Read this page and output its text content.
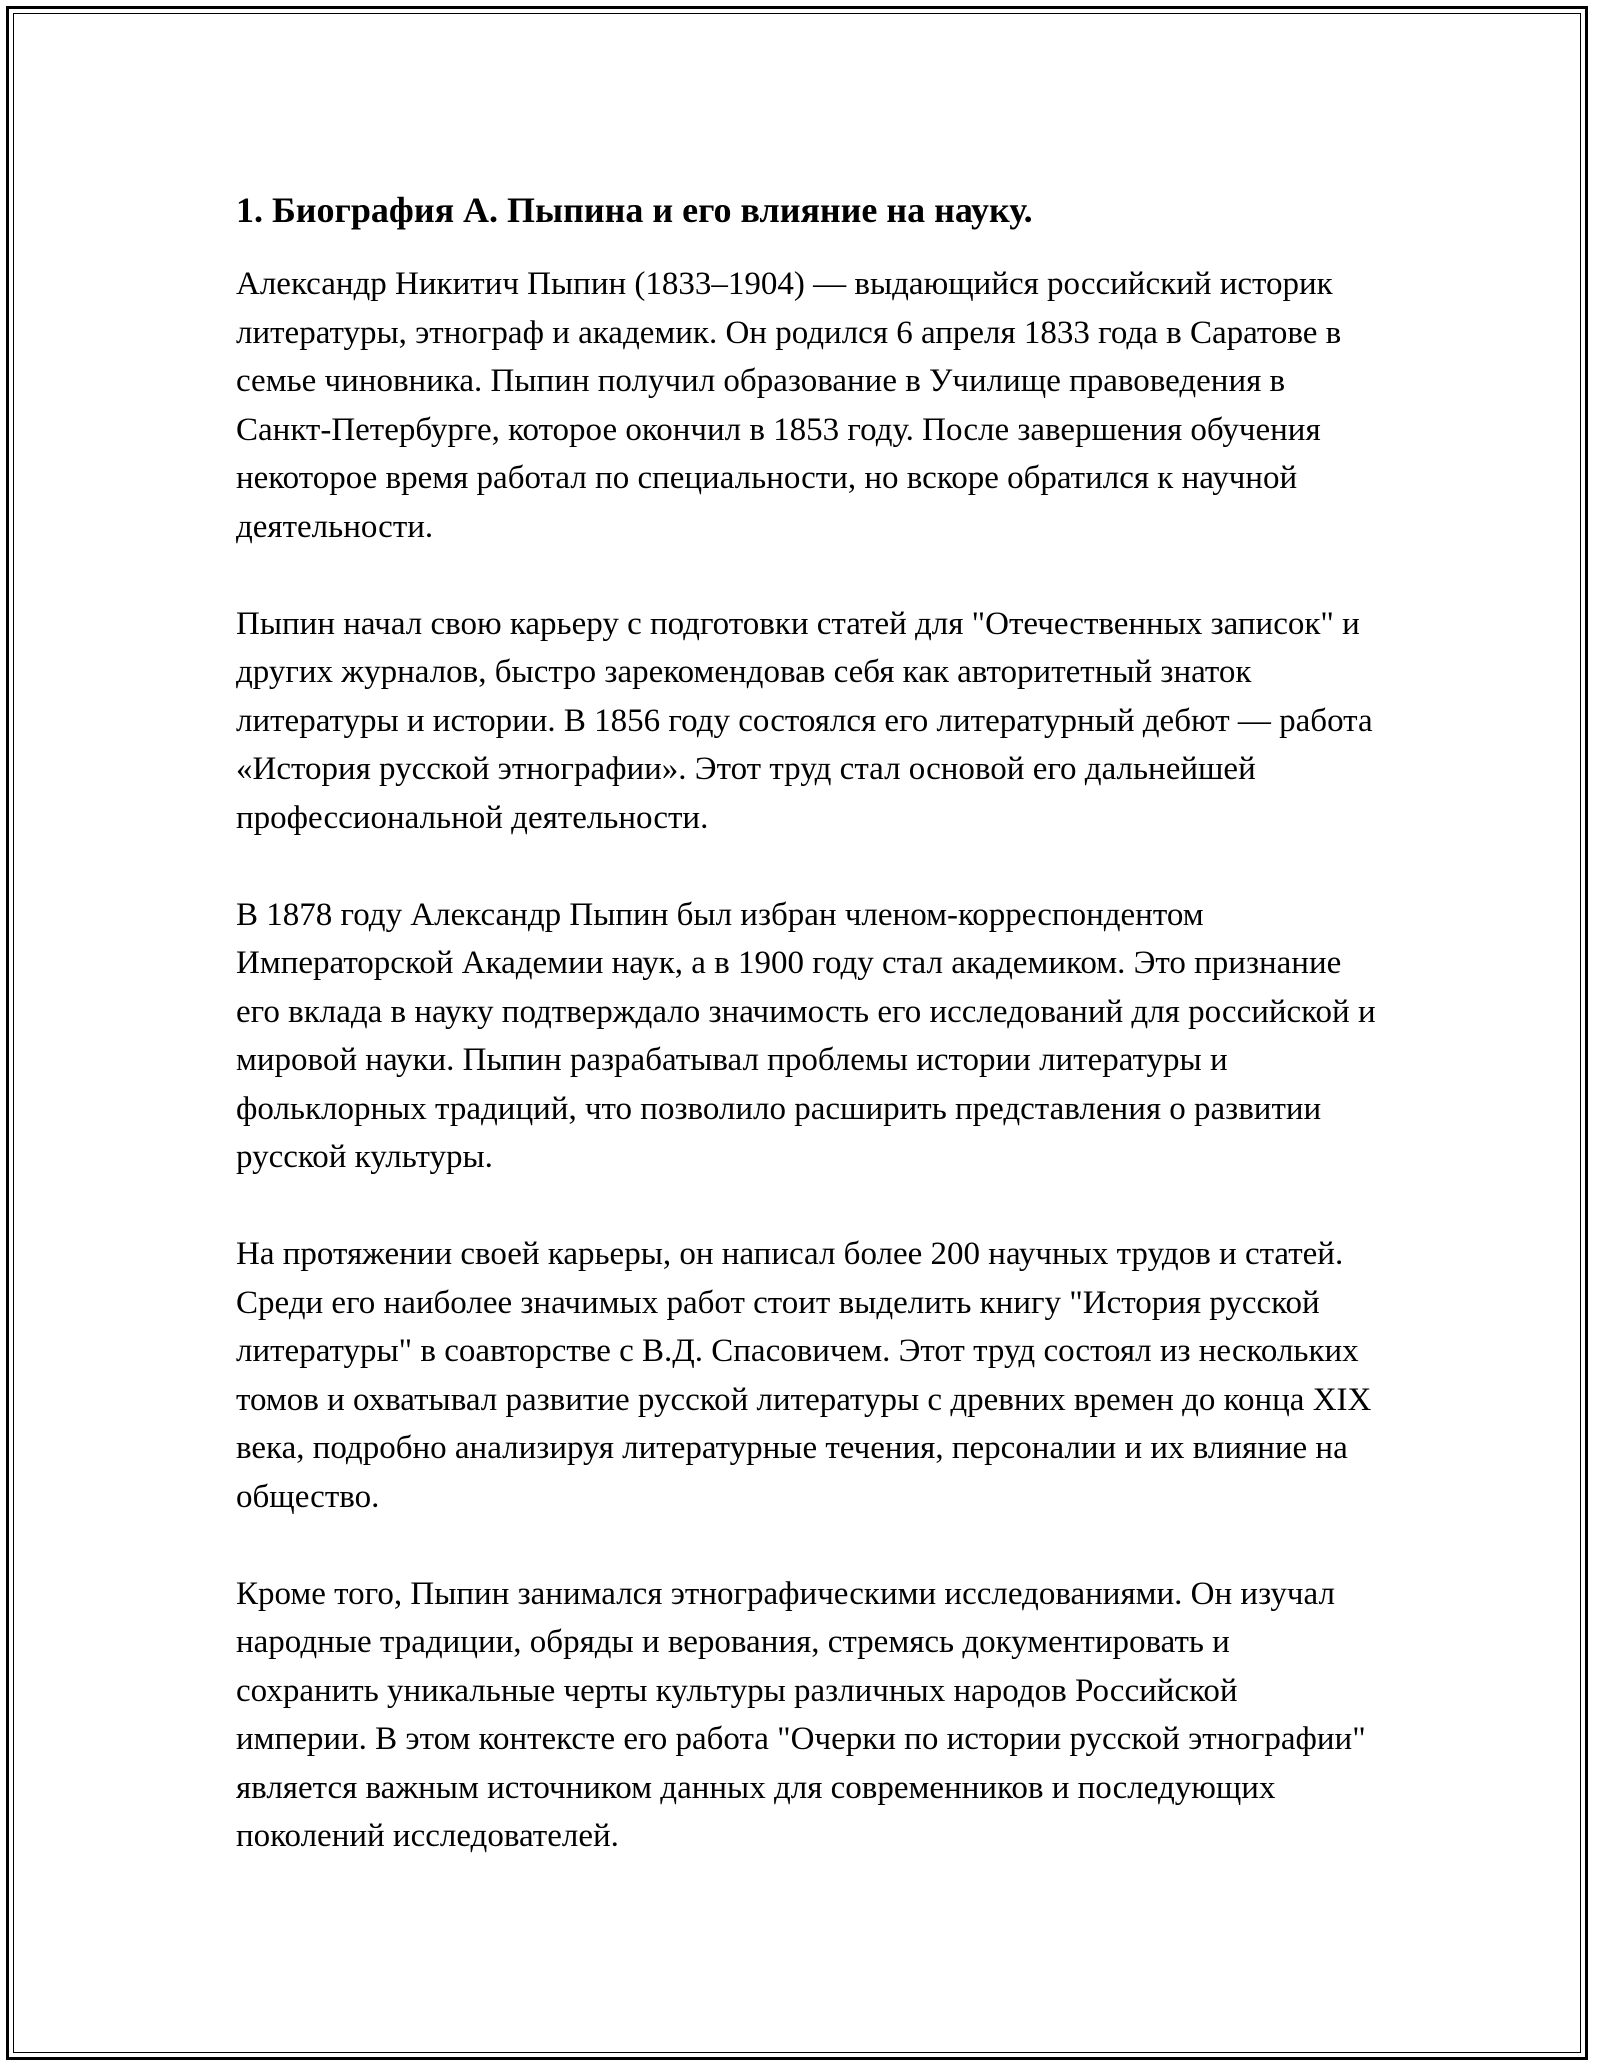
1. Биография А. Пыпина и его влияние на науку.

Александр Никитич Пыпин (1833–1904) — выдающийся российский историк литературы, этнограф и академик. Он родился 6 апреля 1833 года в Саратове в семье чиновника. Пыпин получил образование в Училище правоведения в Санкт-Петербурге, которое окончил в 1853 году. После завершения обучения некоторое время работал по специальности, но вскоре обратился к научной деятельности.

Пыпин начал свою карьеру с подготовки статей для "Отечественных записок" и других журналов, быстро зарекомендовав себя как авторитетный знаток литературы и истории. В 1856 году состоялся его литературный дебют — работа «История русской этнографии». Этот труд стал основой его дальнейшей профессиональной деятельности.

В 1878 году Александр Пыпин был избран членом-корреспондентом Императорской Академии наук, а в 1900 году стал академиком. Это признание его вклада в науку подтверждало значимость его исследований для российской и мировой науки. Пыпин разрабатывал проблемы истории литературы и фольклорных традиций, что позволило расширить представления о развитии русской культуры.

На протяжении своей карьеры, он написал более 200 научных трудов и статей. Среди его наиболее значимых работ стоит выделить книгу "История русской литературы" в соавторстве с В.Д. Спасовичем. Этот труд состоял из нескольких томов и охватывал развитие русской литературы с древних времен до конца XIX века, подробно анализируя литературные течения, персоналии и их влияние на общество.

Кроме того, Пыпин занимался этнографическими исследованиями. Он изучал народные традиции, обряды и верования, стремясь документировать и сохранить уникальные черты культуры различных народов Российской империи. В этом контексте его работа "Очерки по истории русской этнографии" является важным источником данных для современников и последующих поколений исследователей.
